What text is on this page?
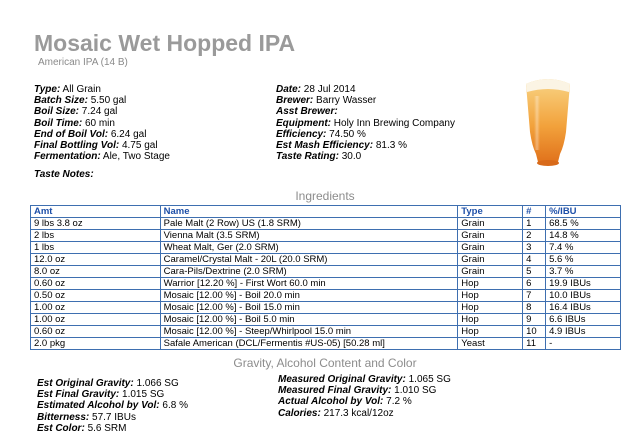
Mosaic Wet Hopped IPA
American IPA (14 B)
Type: All Grain
Batch Size: 5.50 gal
Boil Size: 7.24 gal
Boil Time: 60 min
End of Boil Vol: 6.24 gal
Final Bottling Vol: 4.75 gal
Fermentation: Ale, Two Stage
Date: 28 Jul 2014
Brewer: Barry Wasser
Asst Brewer:
Equipment: Holy Inn Brewing Company
Efficiency: 74.50 %
Est Mash Efficiency: 81.3 %
Taste Rating: 30.0
Taste Notes:
Ingredients
Amt	Name	Type	#	%/IBU
9 lbs 3.8 oz	Pale Malt (2 Row) US (1.8 SRM)	Grain	1	68.5 %
2 lbs	Vienna Malt (3.5 SRM)	Grain	2	14.8 %
1 lbs	Wheat Malt, Ger (2.0 SRM)	Grain	3	7.4 %
12.0 oz	Caramel/Crystal Malt - 20L (20.0 SRM)	Grain	4	5.6 %
8.0 oz	Cara-Pils/Dextrine (2.0 SRM)	Grain	5	3.7 %
0.60 oz	Warrior [12.20 %] - First Wort 60.0 min	Hop	6	19.9 IBUs
0.50 oz	Mosaic [12.00 %] - Boil 20.0 min	Hop	7	10.0 IBUs
1.00 oz	Mosaic [12.00 %] - Boil 15.0 min	Hop	8	16.4 IBUs
1.00 oz	Mosaic [12.00 %] - Boil 5.0 min	Hop	9	6.6 IBUs
0.60 oz	Mosaic [12.00 %] - Steep/Whirlpool 15.0 min	Hop	10	4.9 IBUs
2.0 pkg	Safale American (DCL/Fermentis #US-05) [50.28 ml]	Yeast	11	-
Gravity, Alcohol Content and Color
Est Original Gravity: 1.066 SG
Est Final Gravity: 1.015 SG
Estimated Alcohol by Vol: 6.8 %
Bitterness: 57.7 IBUs
Est Color: 5.6 SRM
Measured Original Gravity: 1.065 SG
Measured Final Gravity: 1.010 SG
Actual Alcohol by Vol: 7.2 %
Calories: 217.3 kcal/12oz
